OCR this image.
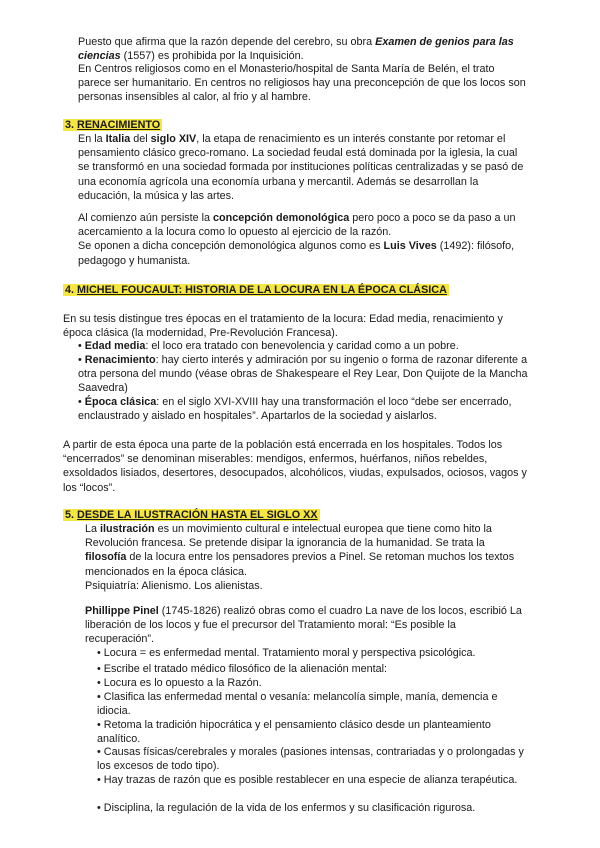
Puesto que afirma que la razón depende del cerebro, su obra Examen de genios para las ciencias (1557) es prohibida por la Inquisición.

En Centros religiosos como en el Monasterio/hospital de Santa María de Belén, el trato parece ser humanitario. En centros no religiosos hay una preconcepción de que los locos son personas insensibles al calor, al frio y al hambre.

3. RENACIMIENTO

En la Italia del siglo XIV, la etapa de renacimiento es un interés constante por retomar el pensamiento clásico greco-romano. La sociedad feudal está dominada por la iglesia, la cual se transformó en una sociedad formada por instituciones políticas centralizadas y se pasó de una economía agrícola una economía urbana y mercantil. Además se desarrollan la educación, la música y las artes.

Al comienzo aún persiste la concepción demonológica pero poco a poco se da paso a un acercamiento a la locura como lo opuesto al ejercicio de la razón.
Se oponen a dicha concepción demonológica algunos como es Luis Vives (1492): filósofo, pedagogo y humanista.

4. MICHEL FOUCAULT: HISTORIA DE LA LOCURA EN LA ÉPOCA CLÁSICA

En su tesis distingue tres épocas en el tratamiento de la locura: Edad media, renacimiento y época clásica (la modernidad, Pre-Revolución Francesa).

• Edad media: el loco era tratado con benevolencia y caridad como a un pobre.

• Renacimiento: hay cierto interés y admiración por su ingenio o forma de razonar diferente a otra persona del mundo (véase obras de Shakespeare el Rey Lear, Don Quijote de la Mancha Saavedra)

• Época clásica: en el siglo XVI-XVIII hay una transformación el loco “debe ser encerrado, enclaustrado y aislado en hospitales”. Apartarlos de la sociedad y aislarlos.

A partir de esta época una parte de la población está encerrada en los hospitales. Todos los “encerrados” se denominan miserables: mendigos, enfermos, huérfanos, niños rebeldes, exsoldados lisiados, desertores, desocupados, alcohólicos, viudas, expulsados, ociosos, vagos y los “locos”.

5. DESDE LA ILUSTRACIÓN HASTA EL SIGLO XX

La ilustración es un movimiento cultural e intelectual europea que tiene como hito la Revolución francesa. Se pretende disipar la ignorancia de la humanidad. Se trata la filosofía de la locura entre los pensadores previos a Pinel. Se retoman muchos los textos mencionados en la época clásica.
Psiquiatría: Alienismo. Los alienistas.

Phillippe Pinel (1745-1826) realizó obras como el cuadro La nave de los locos, escribió La liberación de los locos y fue el precursor del Tratamiento moral: “Es posible la recuperación”.

• Locura = es enfermedad mental. Tratamiento moral y perspectiva psicológica.

• Escribe el tratado médico filosófico de la alienación mental:

• Locura es lo opuesto a la Razón.

• Clasifica las enfermedad mental o vesanía: melancolía simple, manía, demencia e idiocia.

• Retoma la tradición hipocrática y el pensamiento clásico desde un planteamiento analítico.

• Causas físicas/cerebrales y morales (pasiones intensas, contrariadas y o prolongadas y los excesos de todo tipo).

• Hay trazas de razón que es posible restablecer en una especie de alianza terapéutica.

• Disciplina, la regulación de la vida de los enfermos y su clasificación rigurosa.
